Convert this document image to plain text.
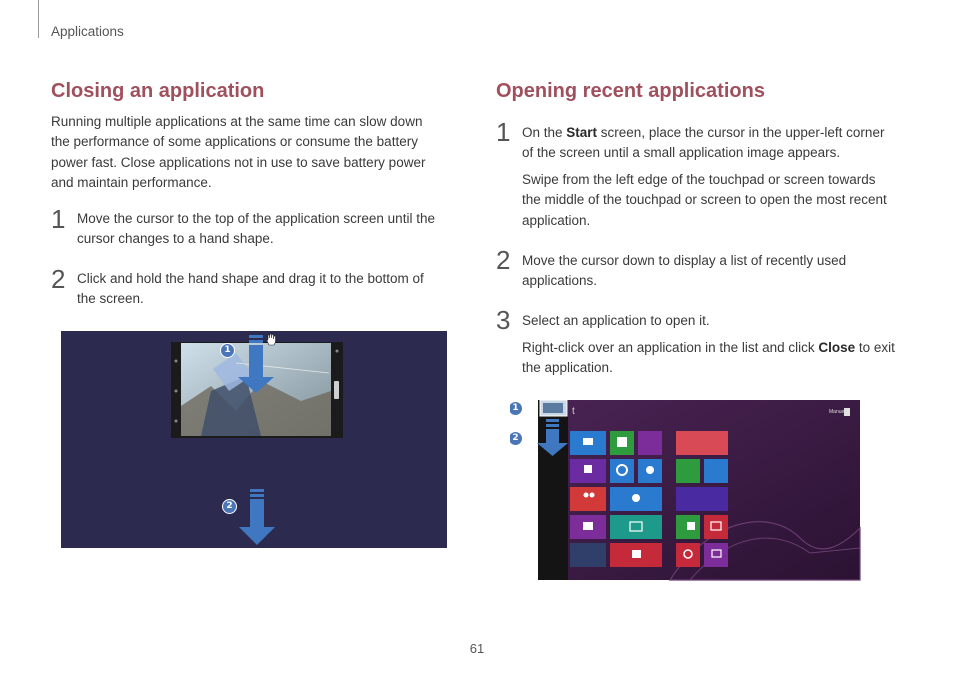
Applications
Closing an application
Running multiple applications at the same time can slow down
the performance of some applications or consume the battery
power fast. Close applications not in use to save battery power
and maintain performance.
1 Move the cursor to the top of the application screen until the
cursor changes to a hand shape.
2 Click and hold the hand shape and drag it to the bottom of
the screen.
1
2
Opening recent applications
1 On the Start screen, place the cursor in the upper-left corner
of the screen until a small application image appears.
Swipe from the left edge of the touchpad or screen towards
the middle of the touchpad or screen to open the most recent
application.
2 Move the cursor down to display a list of recently used
applications.
3 Select an application to open it.
Right-click over an application in the list and click Close to exit
the application.
t	Manuel
1
2
61
